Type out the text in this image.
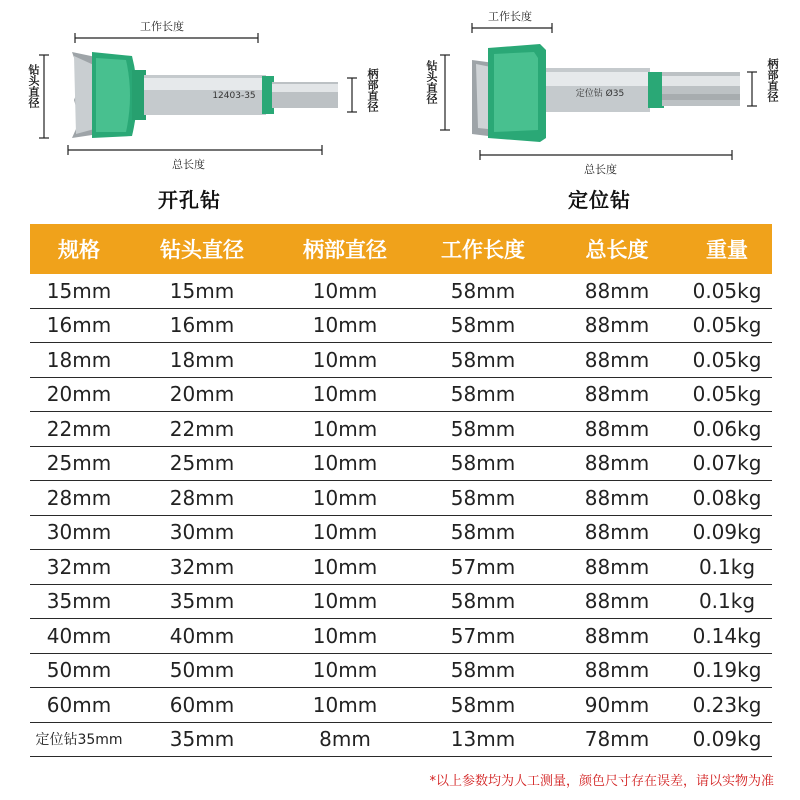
12403-35
工作长度
钻头直径	柄部直径
总长度
开孔钻
定位钻 Ø35
工作长度
钻头直径	柄部直径
总长度
定位钻
规格	钻头直径	柄部直径	工作长度	总长度	重量
15mm	15mm	10mm	58mm	88mm	0.05kg
16mm	16mm	10mm	58mm	88mm	0.05kg
18mm	18mm	10mm	58mm	88mm	0.05kg
20mm	20mm	10mm	58mm	88mm	0.05kg
22mm	22mm	10mm	58mm	88mm	0.06kg
25mm	25mm	10mm	58mm	88mm	0.07kg
28mm	28mm	10mm	58mm	88mm	0.08kg
30mm	30mm	10mm	58mm	88mm	0.09kg
32mm	32mm	10mm	57mm	88mm	0.1kg
35mm	35mm	10mm	58mm	88mm	0.1kg
40mm	40mm	10mm	57mm	88mm	0.14kg
50mm	50mm	10mm	58mm	88mm	0.19kg
60mm	60mm	10mm	58mm	90mm	0.23kg
定位钻35mm	35mm	8mm	13mm	78mm	0.09kg
*以上参数均为人工测量，颜色尺寸存在误差，请以实物为准
